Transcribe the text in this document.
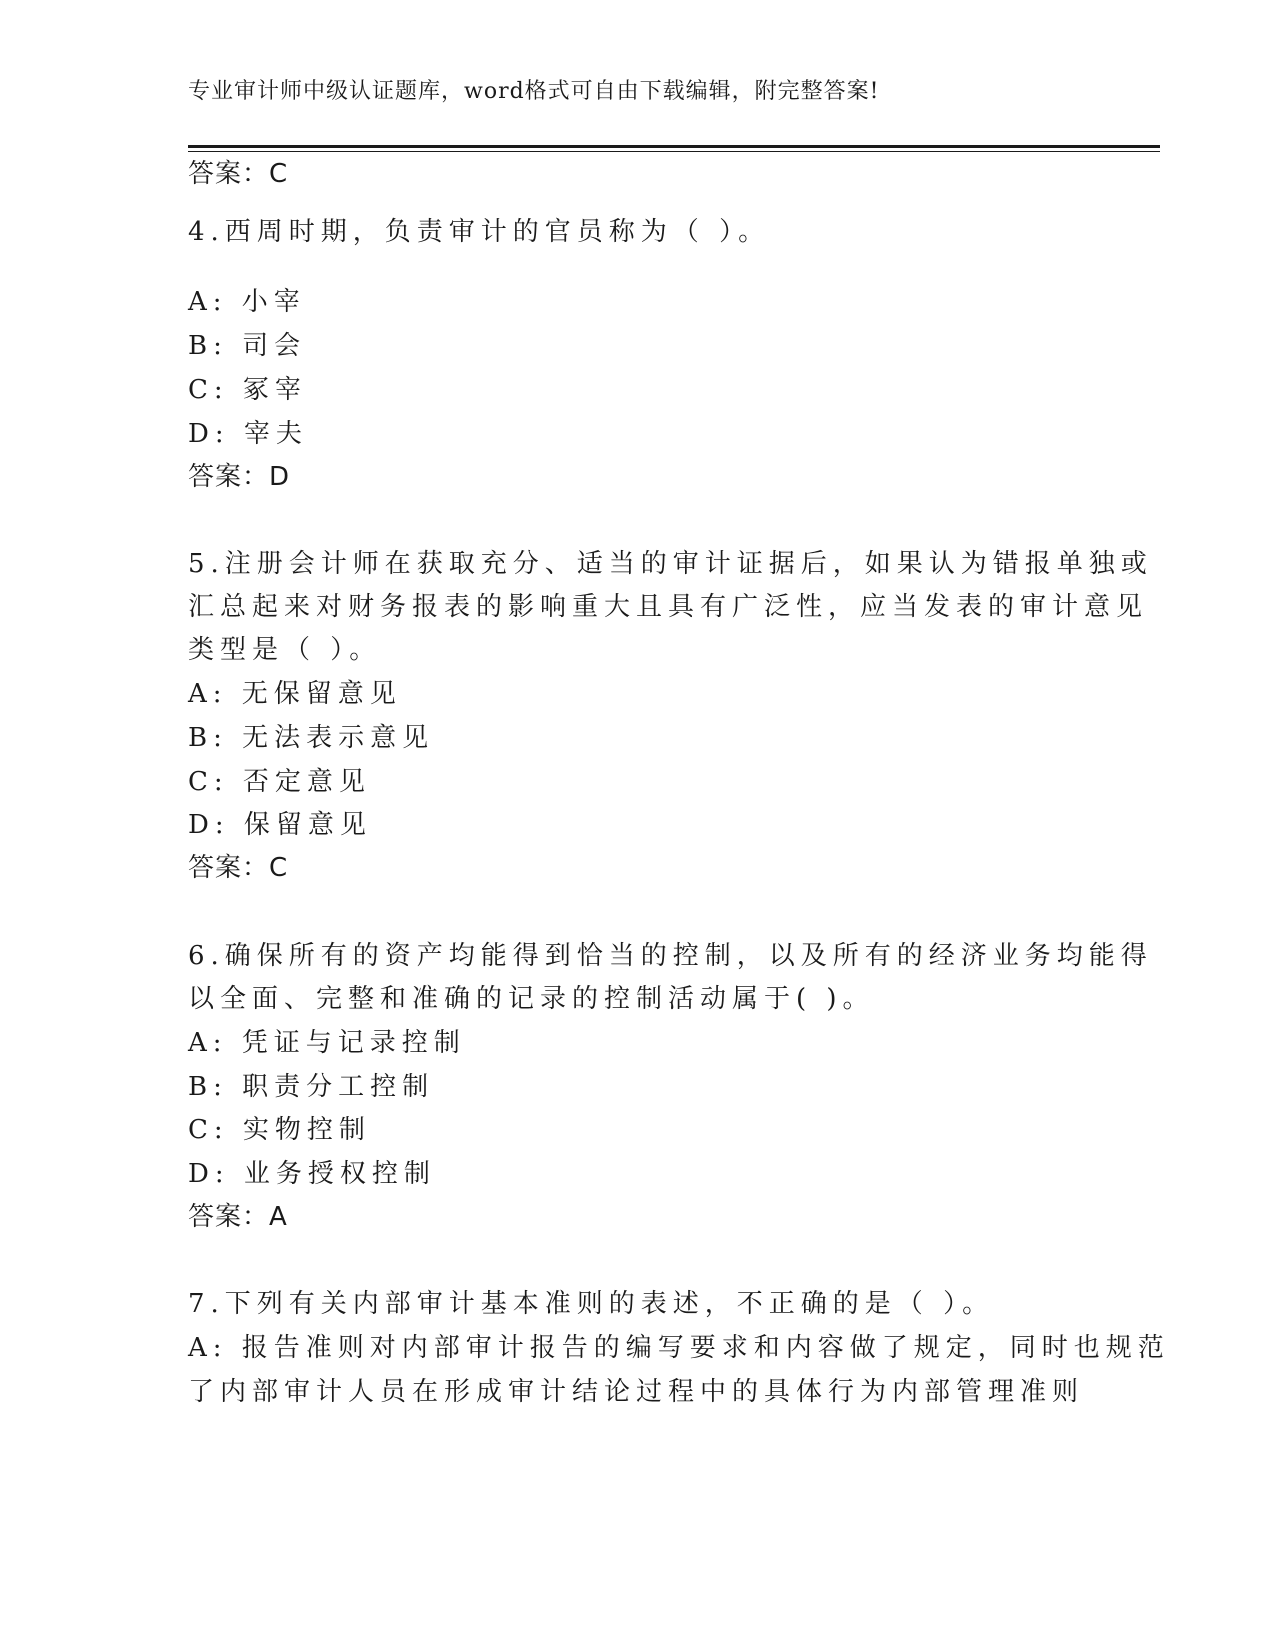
专业审计师中级认证题库，word格式可自由下载编辑，附完整答案!
答案：C
4.西周时期，负责审计的官员称为（ ）。
A: 小宰
B: 司会
C: 冢宰
D: 宰夫
答案：D
5.注册会计师在获取充分、适当的审计证据后，如果认为错报单独或
汇总起来对财务报表的影响重大且具有广泛性，应当发表的审计意见
类型是（ ）。
A: 无保留意见
B: 无法表示意见
C: 否定意见
D: 保留意见
答案：C
6.确保所有的资产均能得到恰当的控制，以及所有的经济业务均能得
以全面、完整和准确的记录的控制活动属于( )。
A: 凭证与记录控制
B: 职责分工控制
C: 实物控制
D: 业务授权控制
答案：A
7.下列有关内部审计基本准则的表述，不正确的是（ ）。
A: 报告准则对内部审计报告的编写要求和内容做了规定，同时也规范
了内部审计人员在形成审计结论过程中的具体行为内部管理准则
